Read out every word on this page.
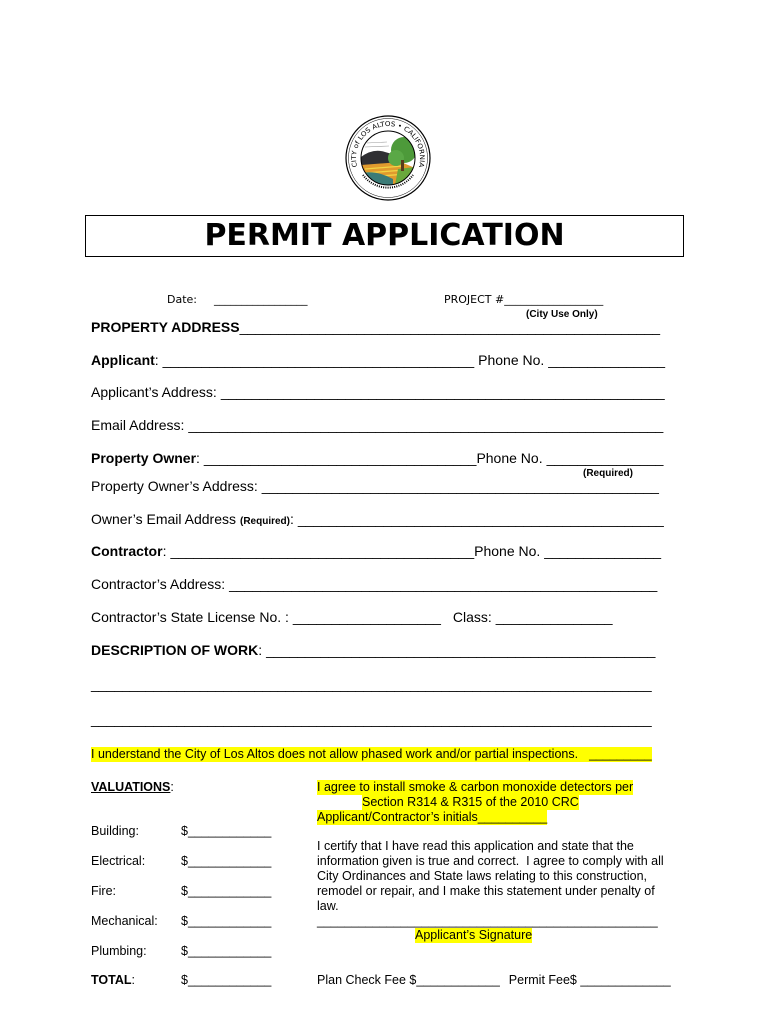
CITY of LOS ALTOS • CALIFORNIA
PERMIT APPLICATION
Date: _________________	PROJECT # __________________
(City Use Only)
PROPERTY ADDRESS ______________________________________________________
Applicant : ________________________________________ Phone No. _______________
Applicant’s Address: _________________________________________________________
Email Address: _____________________________________________________________
Property Owner : ___________________________________ Phone No. _______________
(Required)
Property Owner’s Address: ___________________________________________________
Owner’s Email Address (Required) : _______________________________________________
Contractor : _______________________________________ Phone No. _______________
Contractor’s Address: _______________________________________________________
Contractor’s State License No. : ___________________ Class: _______________
DESCRIPTION OF WORK : __________________________________________________
________________________________________________________________________
________________________________________________________________________
I understand the City of Los Altos does not allow phased work and/or partial inspections. _________
VALUATIONS :
Building:	$____________
Electrical:	$____________
Fire:	$____________
Mechanical:	$____________
Plumbing:	$____________
TOTAL:	$____________
I agree to install smoke & carbon monoxide detectors per
Section R314 & R315 of the 2010 CRC
Applicant/Contractor’s initials__________
I certify that I have read this application and state that the
information given is true and correct.  I agree to comply with all
City Ordinances and State laws relating to this construction,
remodel or repair, and I make this statement under penalty of
law.
_________________________________________________
Applicant’s Signature
Plan Check Fee $____________ Permit Fee$ _____________
